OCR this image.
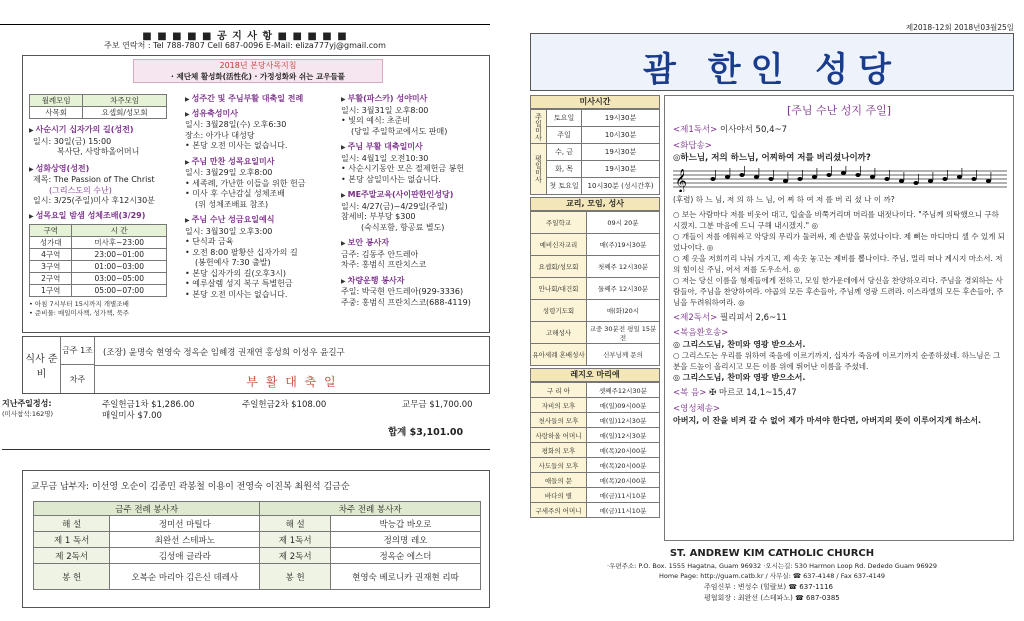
■ ■ ■ ■ ■ 공 지 사 항 ■ ■ ■ ■ ■
주보 연락처 : Tel 788-7807 Cell 687-0096 E-Mail: eliza777yj@gmail.com
2018년 본당사목지침
· 제단체 활성화(活性化) · 가정성화와 쉬는 교우들풀
월례모임	차주모임
사목회	요셉회/성모회
▶ 사순시기 십자가의 길(성전)
일시: 30일(금) 15:00
복사단, 사랑하올어머니
▶ 성화상영(성전)
제목: The Passion of The Christ
(그리스도의 수난)
일시: 3/25(주일)미사 후12시30분
▶ 성목요일 밤샘 성체조배(3/29)
구역	시 간
성가대	미사후~23:00
4구역	23:00~01:00
3구역	01:00~03:00
2구역	03:00~05:00
1구역	05:00~07:00
• 아침 7시부터 15시까지 개별조배
• 준비물: 매일미사책, 성가책, 묵주
▶ 성주간 및 주님부활 대축일 전례
▶ 성유축성미사
일시: 3월28일(수) 오후6:30
장소: 아가나 대성당
• 본당 오전 미사는 없습니다.
▶ 주님 만찬 성목요일미사
일시: 3월29일 오후8:00
• 세족례, 가난한 이들을 위한 헌금
• 미사 후 수난감실 성체조배
(위 성체조배표 참조)
▶ 주님 수난 성금요일예식
일시: 3월30일 오후3:00
• 단식과 금육
• 오전 8:00 팔황산 십자가의 길
(봉헌예사 7:30 출발)
• 본당 십자가의 길(오후3시)
• 예루살렘 성지 복구 특별헌금
• 본당 오전 미사는 없습니다.
▶ 부활(파스카) 성야미사
일시: 3월31일 오후8:00
• 빛의 예식: 초준비
(당일 주일학교에서도 판매)
▶ 주님 부활 대축일미사
일시: 4월1일 오전10:30
• 사순시기동안 모은 절제헌금 봉헌
• 본당 삼일미사는 없습니다.
▶ ME주말교육(사이판한인성당)
일시: 4/27(금)~4/29일(주일)
참세비: 부부당 $300
(숙식포함, 항공료 별도)
▶ 보안 봉사자
금주: 김동주 안드레아
차주: 홍범식 프란치스코
▶ 차량운행 봉사자
주일: 박국현 안드레아(929-3336)
주중: 홍범식 프란치스코(688-4119)
식사 준비
금주 1조 (조장) 윤명숙 현영숙 정옥순 임혜경 권재연 홍성희 이성우 윤길구
차주	부 활 대 축 일
지난주일정성:
(미사참석:162명)
주일헌금1차 $1,286.00	주일헌금2차 $108.00	교무금 $1,700.00
매일미사 $7.00
합계 $3,101.00
교무금 납부자: 이선영 오순이 김종민 곽봉철 이용이 전영숙 이진복 최원석 김금순
금주 전례 봉사자		차주 전례 봉사자	
해 설	정미선 마틸다	해 설	박능갑 바오로
제 1 독서	최완선 스테파노	제 1독서	정의명 레오
제 2독서	김성애 글라라	제 2독서	정옥순 에스더
봉 헌	오복순 마리아 김은신 데레사	봉 헌	현영숙 베로니카 권재현 리따
제2018-12회 2018년03월25일
괌 한인 성당
미사시간
주일미사	토요일	19시30분
	주일	10시30분
평일미사	수, 금	19시30분
	화, 목	19시30분
	첫 토요일	10시30분 (성시간후)
교리, 모임, 성사
주일학교	09시 20분
예비신자교리	매(주)19시30분
요셉회/성모회	첫째주 12시30분
안나회/대건회	둘째주 12시30분
성령기도회	매(화)20시
고해성사	교중 30분전 평일 15분전
유아세례 혼배성사	신부님께 문의
레지오 마리애
구 리 아	셋째주12시30분
자비의 모후	매(일)09시00분
천사들의 모후	매(일)12시30분
사랑하올 어머니	매(일)12시30분
평화의 모후	매(목)20시00분
사도들의 모후	매(목)20시00분
애들의 문	매(목)20시00분
바다의 별	매(금)11시10분
구세주의 어머니	매(금)11시10분
[주님 수난 성지 주일]
<제1독서> 이사야서 50,4~7
<화답송>
◎하느님, 저의 하느님, 어찌하여 저를 버리셨나이까?
𝄞
(후렴) 하 느 님, 저 의 하 느 님, 어 찌 하 여 저 를 버 리 셨 나 이 까?
○ 보는 사람마다 저를 비웃어 대고, 입술을 비쭉거리며 머리를 내젓나이다. "주님께 의탁했으니 구하시겠지. 그분 마음에 드니 구해 내시겠지." ◎
○ 개들이 저를 에워싸고 악당의 무리가 둘러싸, 제 손발을 묶었나이다. 제 뼈는 마디마디 셀 수 있게 되었나이다. ◎
○ 제 옷을 저희끼리 나눠 가지고, 제 속옷 놓고는 제비를 뽑나이다. 주님, 멀리 떠나 계시지 마소서. 저의 힘이신 주님, 어서 저를 도우소서. ◎
○ 저는 당신 이름을 형제들에게 전하고, 모임 한가운데에서 당신을 찬양하오리다. 주님을 경외하는 사람들아, 주님을 찬양하여라. 야곱의 모든 후손들아, 주님께 영광 드려라. 이스라엘의 모든 후손들아, 주님을 두려워하여라. ◎
<제2독서> 필리피서 2,6~11
<복음환호송>
◎ 그리스도님, 찬미와 영광 받으소서.
○ 그리스도는 우리를 위하여 죽음에 이르기까지, 십자가 죽음에 이르기까지 순종하셨네. 하느님은 그분을 드높이 올리시고 모든 이름 위에 뛰어난 이름을 주셨네.
◎ 그리스도님, 찬미와 영광 받으소서.
<복 음> ✠ 마르코 14,1~15,47
<영성체송>
아버지, 이 잔을 비켜 갈 수 없어 제가 마셔야 한다면, 아버지의 뜻이 이루어지게 하소서.
ST. ANDREW KIM CATHOLIC CHURCH
·우편주소: P.O. Box. 1555 Hagatna, Guam 96932 ·오시는길: 530 Harmon Loop Rd. Dededo Guam 96929
Home Page: http://guam.catb.kr / 사무실: ☎ 637-4148 / Fax 637-4149
주임신부 : 변성수 (힐랄보) ☎ 637-1116
평협회장 : 최완선 (스테파노) ☎ 687-0385
